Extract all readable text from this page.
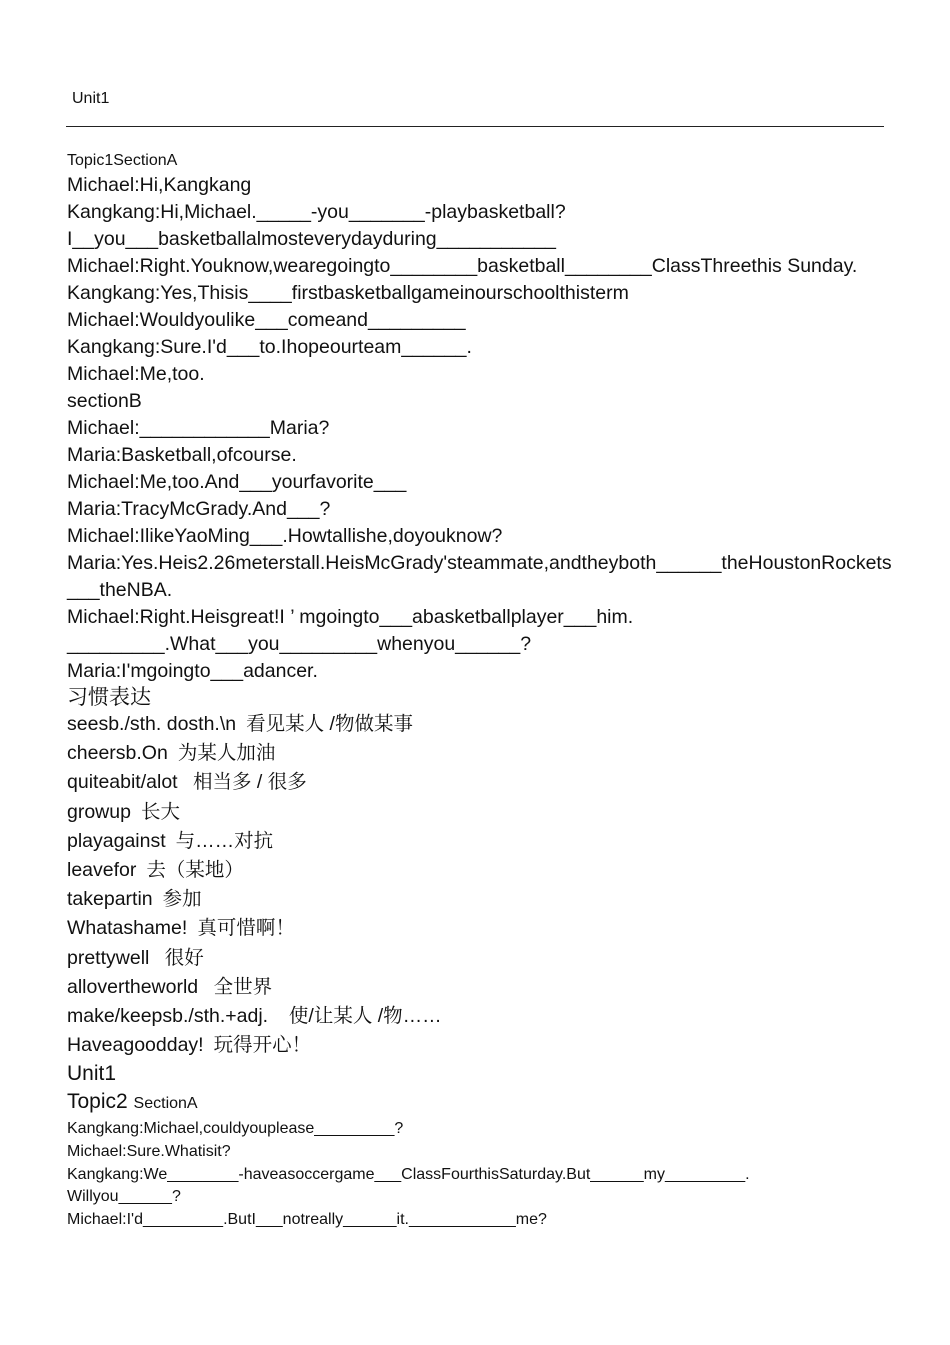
Unit1

Topic1SectionA

Michael:Hi,Kangkang

Kangkang:Hi,Michael._____-you_______-playbasketball?

I__you___basketballalmosteverydayduring___________

Michael:Right.Youknow,wearegoingto________basketball________ClassThreethis Sunday.

Kangkang:Yes,Thisis____firstbasketballgameinourschoolthisterm

Michael:Wouldyoulike___comeand_________

Kangkang:Sure.I'd___to.Ihopeourteam______.

Michael:Me,too.

sectionB

Michael:____________Maria?

Maria:Basketball,ofcourse.

Michael:Me,too.And___yourfavorite___

Maria:TracyMcGrady.And___?

Michael:IlikeYaoMing___.Howtallishe,doyouknow?

Maria:Yes.Heis2.26meterstall.HeisMcGrady'steammate,andtheyboth______theHoustonRockets___theNBA.

Michael:Right.Heisgreat!I ’ mgoingto___abasketballplayer___him.

_________.What___you_________whenyou______?

Maria:I'mgoingto___adancer.

习惯表达

seesb./sth. dosth.\n 看见某人 /物做某事

cheersb.On 为某人加油

quiteabit/alot 相当多 / 很多

growup 长大

playagainst 与……对抗

leavefor 去（某地）

takepartin 参加

Whatashame! 真可惜啊！

prettywell 很好

allovertheworld 全世界

make/keepsb./sth.+adj.  使/让某人 /物……

Haveagoodday! 玩得开心！

Unit1

Topic2 SectionA

Kangkang:Michael,couldyouplease_________?

Michael:Sure.Whatisit?

Kangkang:We________-haveasoccergame___ClassFourthisSaturday.But______my_________.

Willyou______?

Michael:I'd_________.ButI___notreally______it.____________me?
